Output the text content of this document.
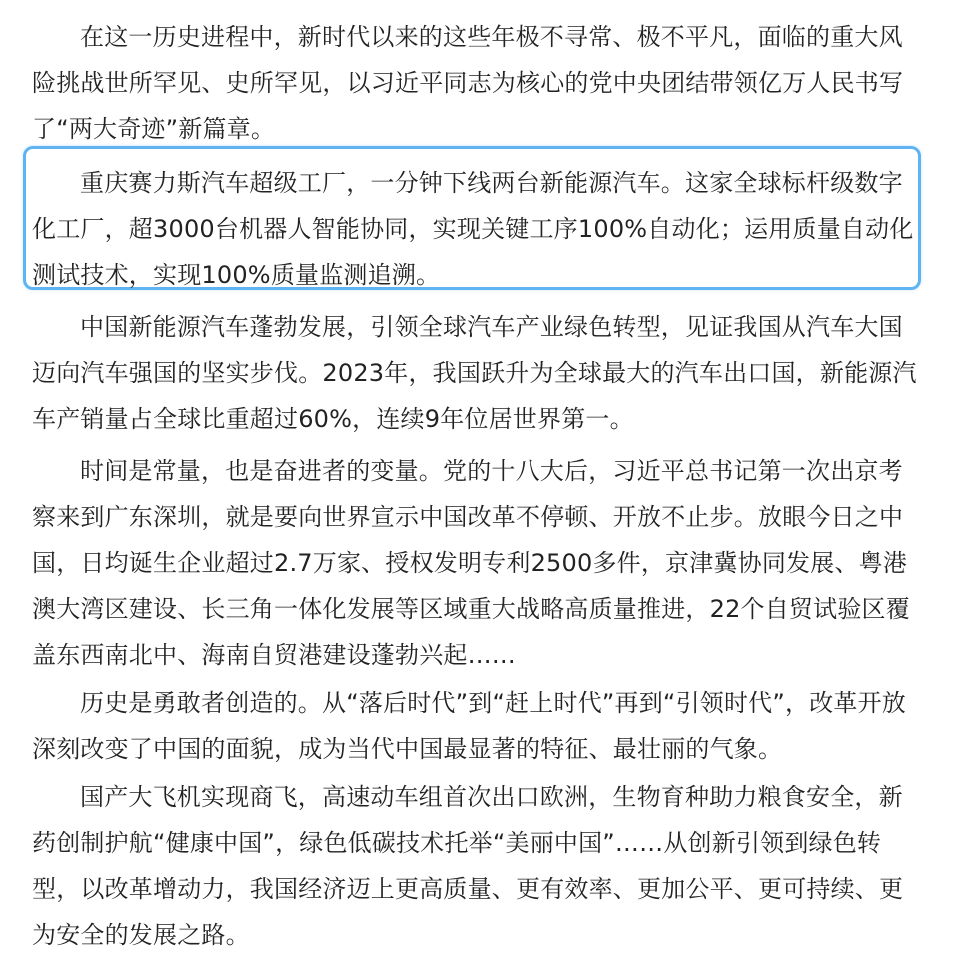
在这一历史进程中，新时代以来的这些年极不寻常、极不平凡，面临的重大风险挑战世所罕见、史所罕见，以习近平同志为核心的党中央团结带领亿万人民书写了“两大奇迹”新篇章。

重庆赛力斯汽车超级工厂，一分钟下线两台新能源汽车。这家全球标杆级数字化工厂，超3000台机器人智能协同，实现关键工序100%自动化；运用质量自动化测试技术，实现100%质量监测追溯。

中国新能源汽车蓬勃发展，引领全球汽车产业绿色转型，见证我国从汽车大国迈向汽车强国的坚实步伐。2023年，我国跃升为全球最大的汽车出口国，新能源汽车产销量占全球比重超过60%，连续9年位居世界第一。

时间是常量，也是奋进者的变量。党的十八大后，习近平总书记第一次出京考察来到广东深圳，就是要向世界宣示中国改革不停顿、开放不止步。放眼今日之中国，日均诞生企业超过2.7万家、授权发明专利2500多件，京津冀协同发展、粤港澳大湾区建设、长三角一体化发展等区域重大战略高质量推进，22个自贸试验区覆盖东西南北中、海南自贸港建设蓬勃兴起……

历史是勇敢者创造的。从“落后时代”到“赶上时代”再到“引领时代”，改革开放深刻改变了中国的面貌，成为当代中国最显著的特征、最壮丽的气象。

国产大飞机实现商飞，高速动车组首次出口欧洲，生物育种助力粮食安全，新药创制护航“健康中国”，绿色低碳技术托举“美丽中国”……从创新引领到绿色转型，以改革增动力，我国经济迈上更高质量、更有效率、更加公平、更可持续、更为安全的发展之路。
